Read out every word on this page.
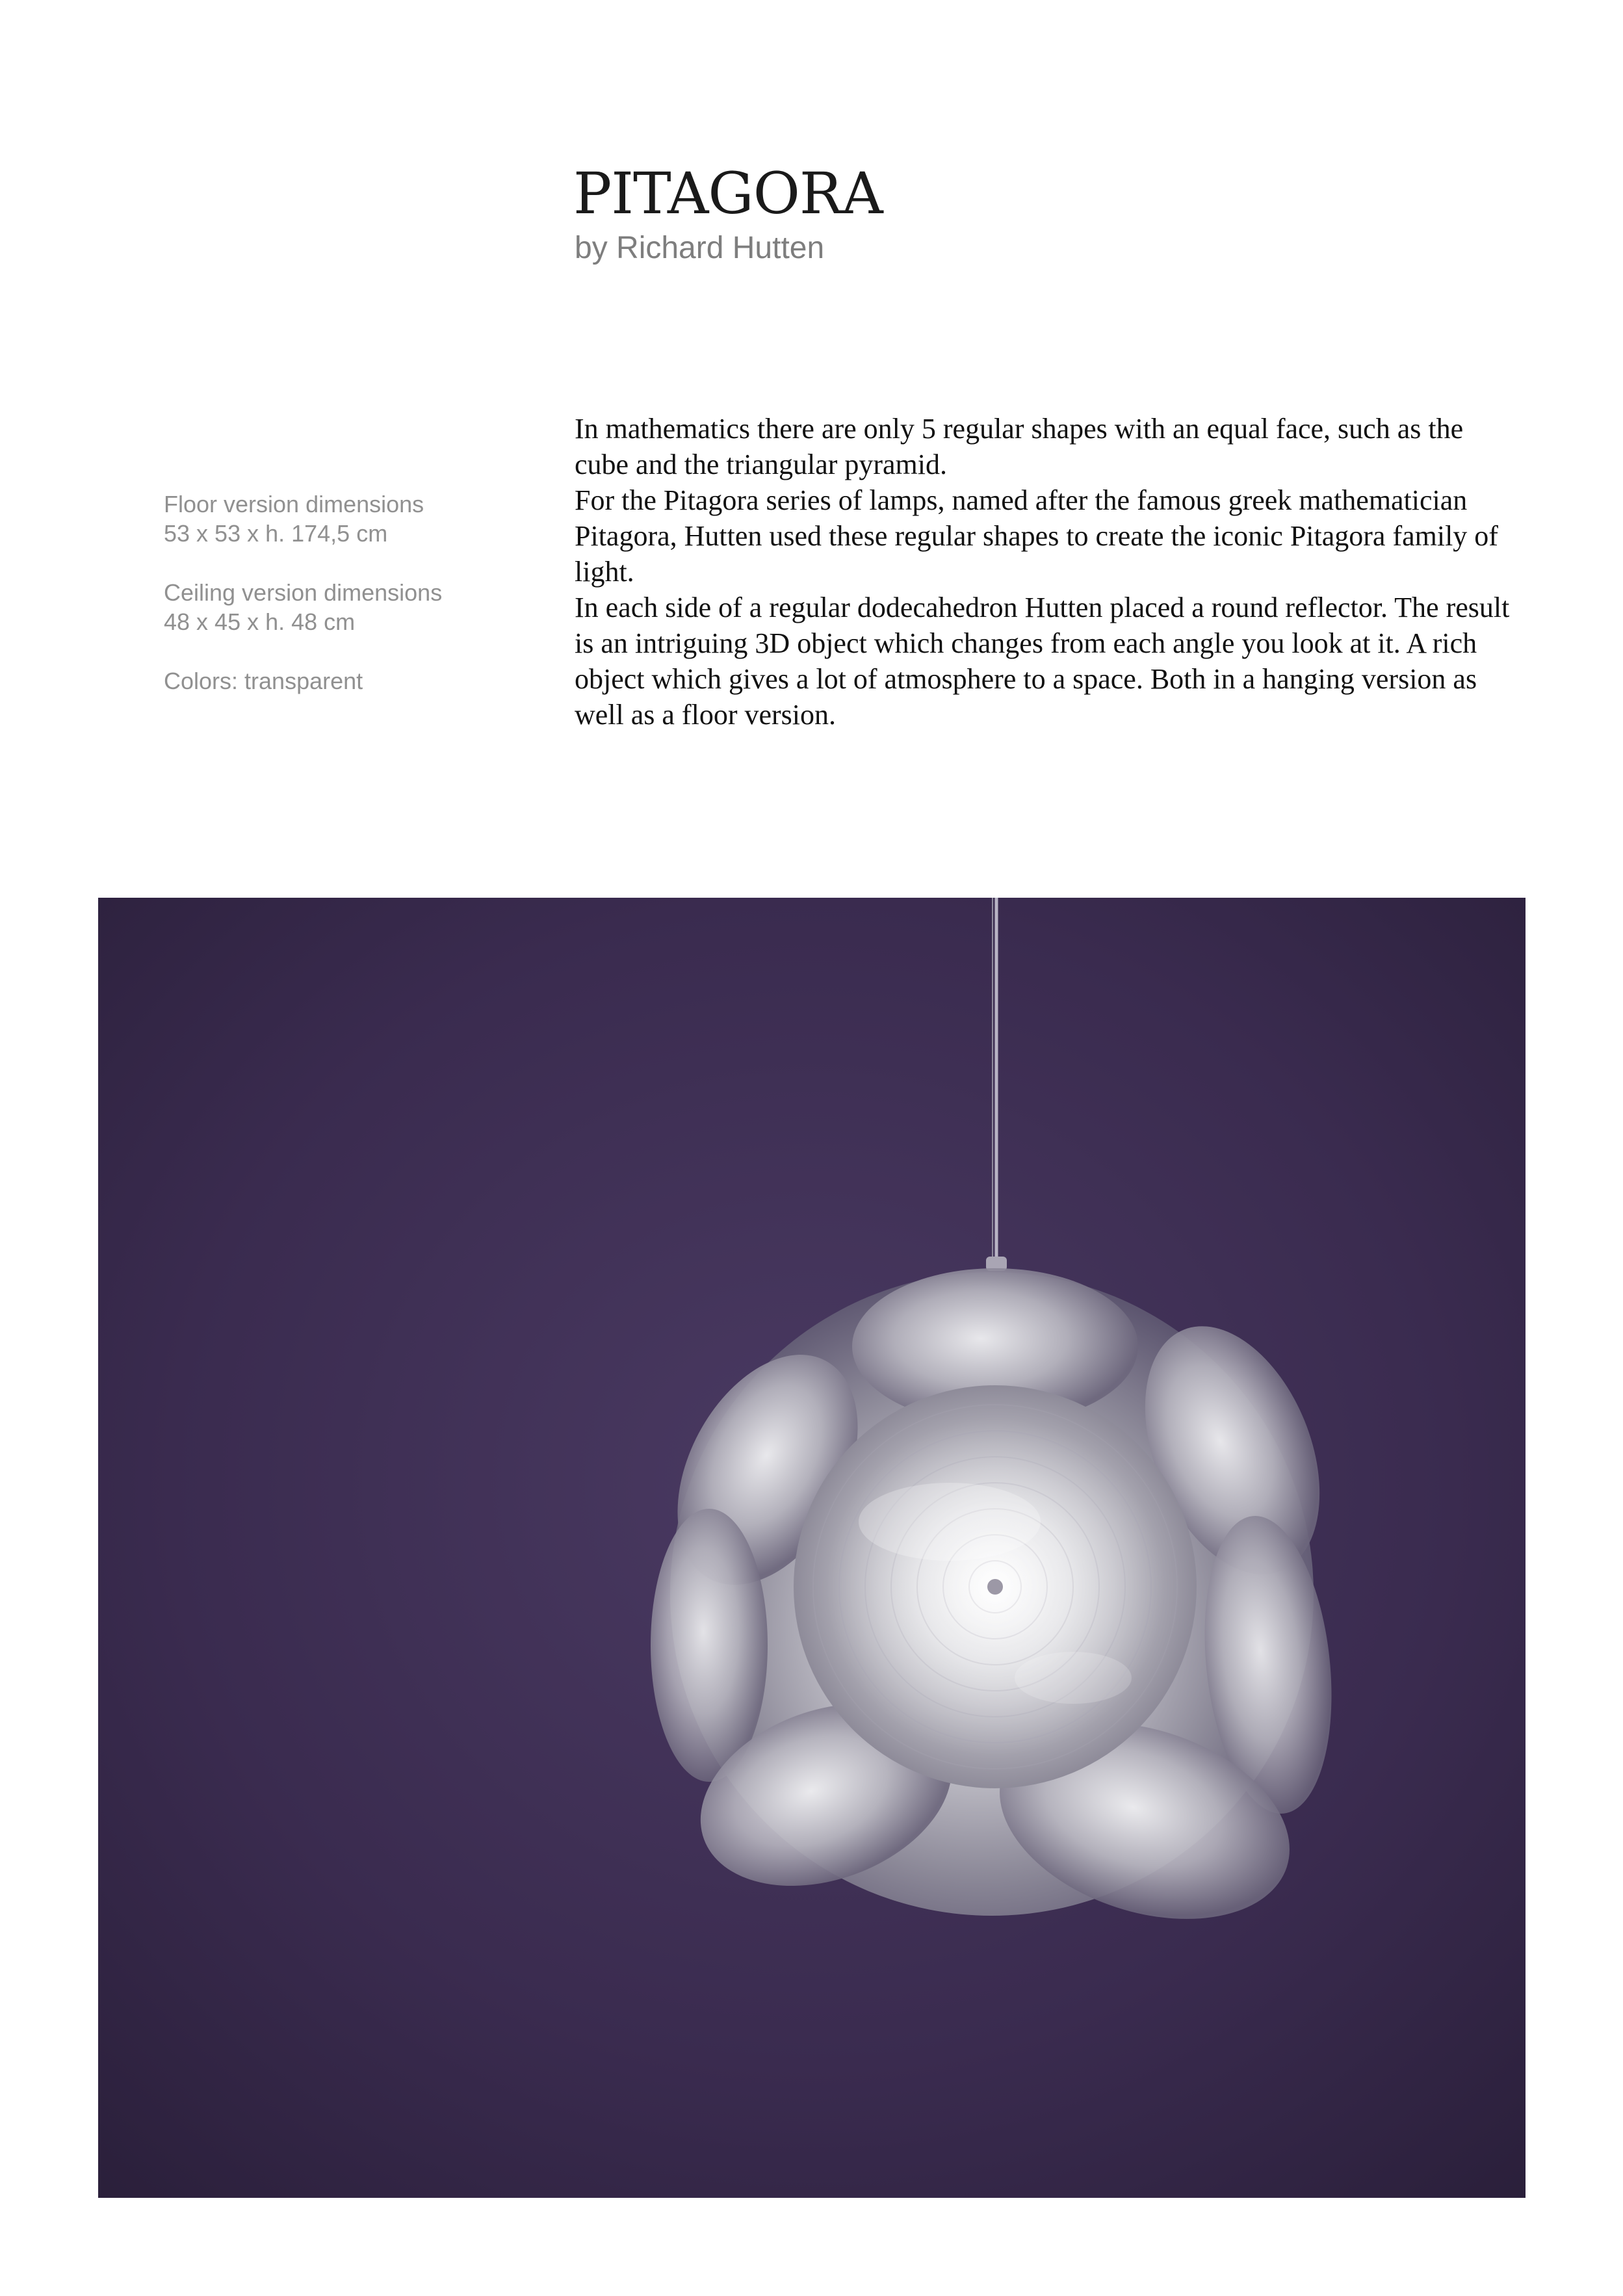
PITAGORA

by Richard Hutten

Floor version dimensions

53 x 53 x h. 174,5 cm

Ceiling version dimensions

48 x 45 x h. 48 cm

Colors: transparent

In mathematics there are only 5 regular shapes with an equal face, such as the cube and the triangular pyramid.

For the Pitagora series of lamps, named after the famous greek mathematician Pitagora, Hutten used these regular shapes to create the iconic Pitagora family of light.

In each side of a regular dodecahedron Hutten placed a round reflector. The result is an intriguing 3D object which changes from each angle you look at it. A rich object which gives a lot of atmosphere to a space. Both in a hanging version as well as a floor version.
